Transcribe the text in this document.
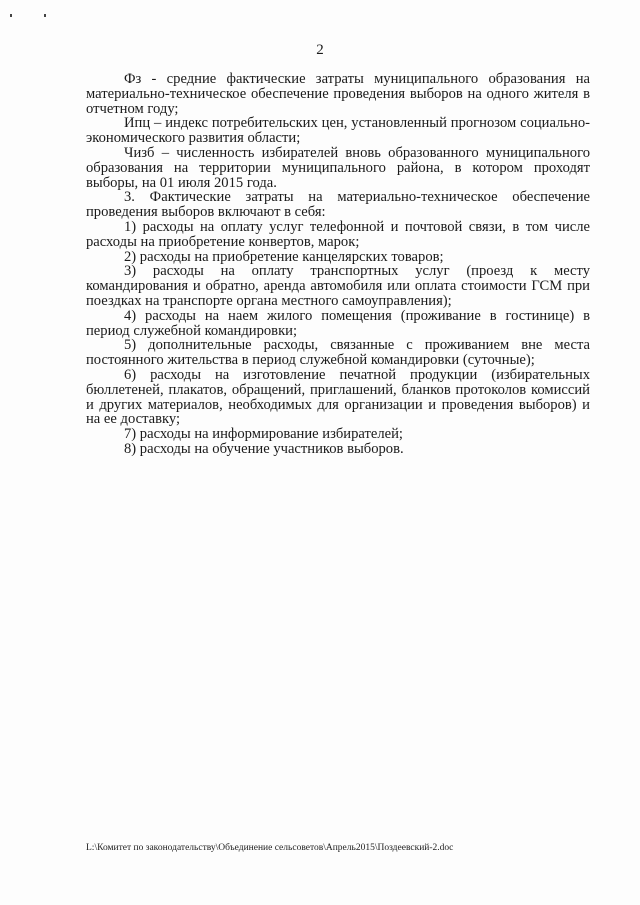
2

Фз - средние фактические затраты муниципального образования на материально-техническое обеспечение проведения выборов на одного жителя в отчетном году;

Ипц – индекс потребительских цен, установленный прогнозом социально-экономического развития области;

Чизб – численность избирателей вновь образованного муниципального образования на территории муниципального района, в котором проходят выборы, на 01 июля 2015 года.

3. Фактические затраты на материально-техническое обеспечение проведения выборов включают в себя:

1) расходы на оплату услуг телефонной и почтовой связи, в том числе расходы на приобретение конвертов, марок;

2) расходы на приобретение канцелярских товаров;

3) расходы на оплату транспортных услуг (проезд к месту командирования и обратно, аренда автомобиля или оплата стоимости ГСМ при поездках на транспорте органа местного самоуправления);

4) расходы на наем жилого помещения (проживание в гостинице) в период служебной командировки;

5) дополнительные расходы, связанные с проживанием вне места постоянного жительства в период служебной командировки (суточные);

6) расходы на изготовление печатной продукции (избирательных бюллетеней, плакатов, обращений, приглашений, бланков протоколов комиссий и других материалов, необходимых для организации и проведения выборов) и на ее доставку;

7) расходы на информирование избирателей;

8) расходы на обучение участников выборов.

L:\Комитет по законодательству\Объединение сельсоветов\Апрель2015\Поздеевский-2.doc
